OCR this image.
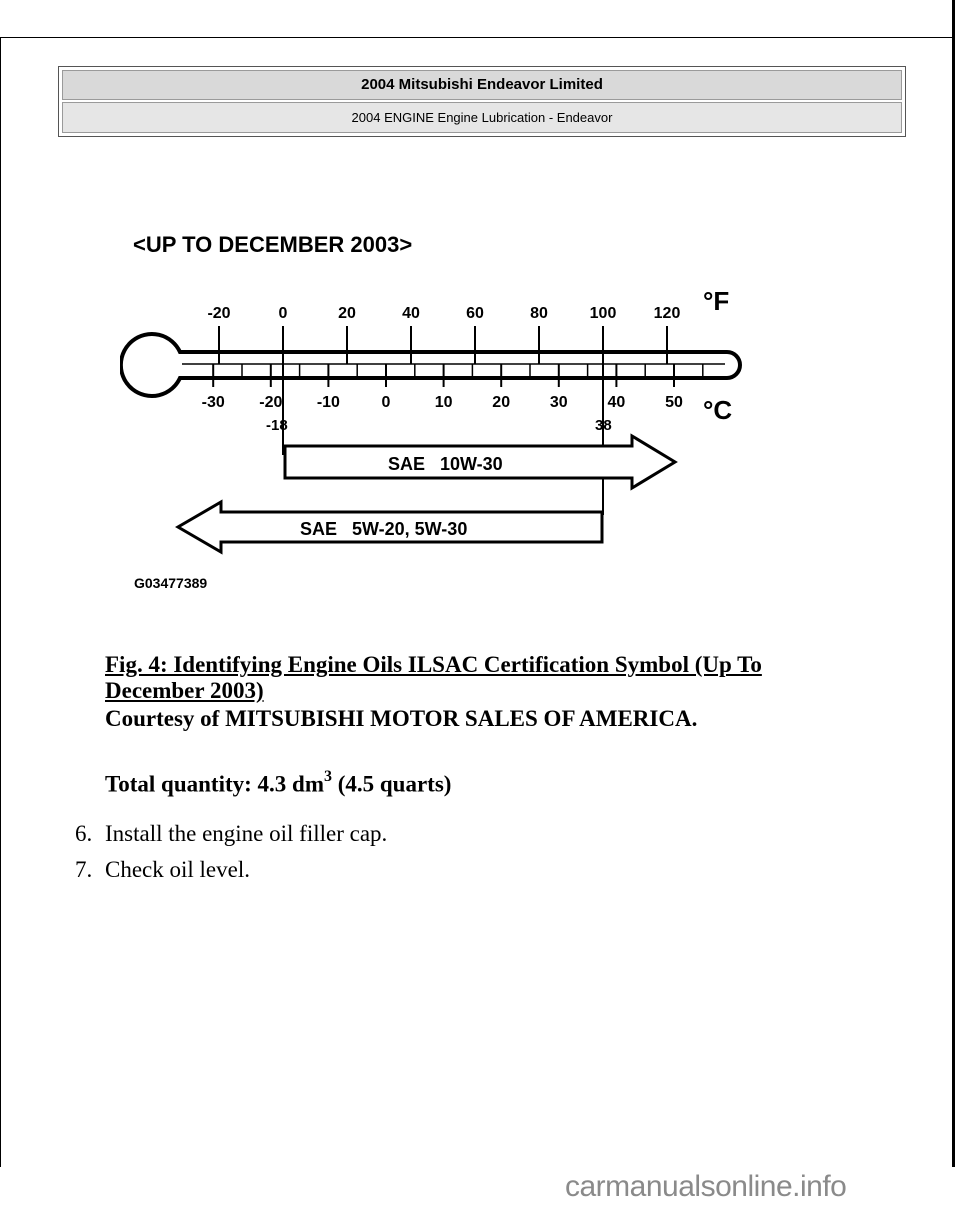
2004 Mitsubishi Endeavor Limited
2004 ENGINE Engine Lubrication - Endeavor
<UP TO DECEMBER 2003>
°F
°C
-20	0	20	40	60	80	100 120
-30 -20 -10	0	10 20 30 40 50
-18	38
SAE   10W-30
SAE   5W-20, 5W-30
G03477389
Fig. 4: Identifying Engine Oils ILSAC Certification Symbol (Up To December 2003)
Courtesy of MITSUBISHI MOTOR SALES OF AMERICA.
Total quantity: 4.3 $dm^3$ (4.5 quarts)
6. Install the engine oil filler cap.
7. Check oil level.
carmanualsonline.info
